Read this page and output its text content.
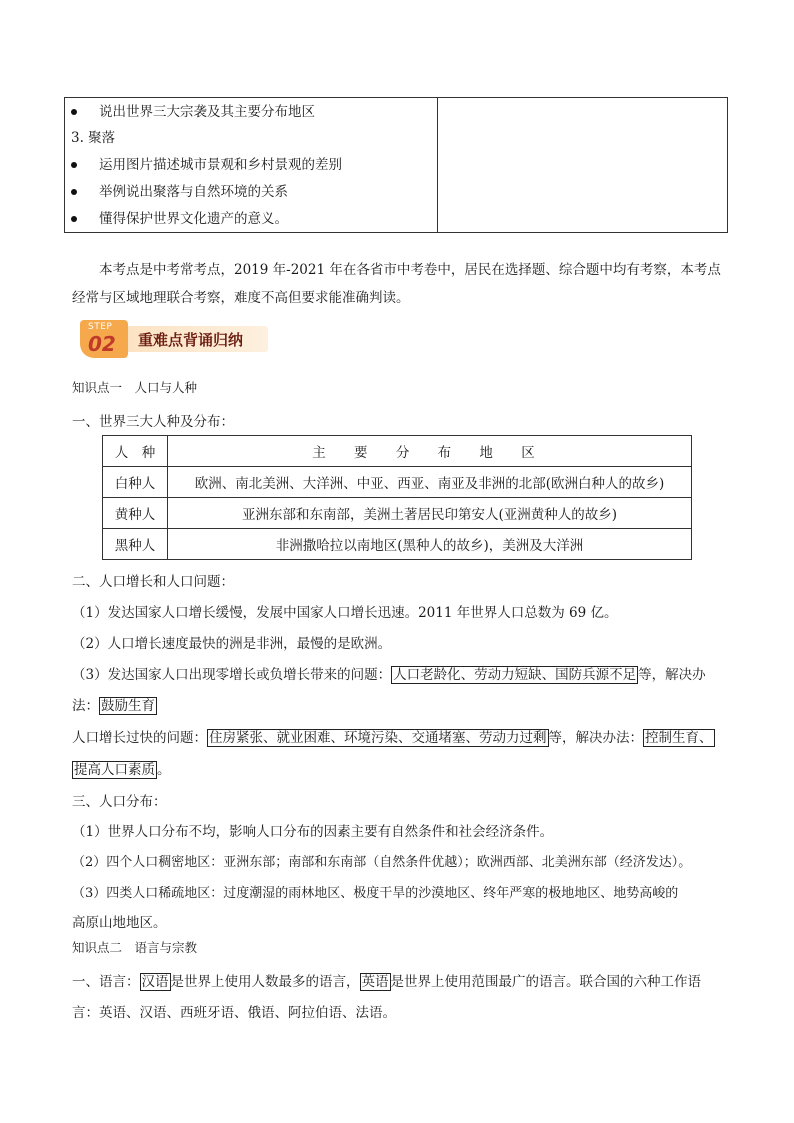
说出世界三大宗袭及其主要分布地区
3. 聚落
运用图片描述城市景观和乡村景观的差别
举例说出聚落与自然环境的关系
懂得保护世界文化遗产的意义。
本考点是中考常考点，2019 年-2021 年在各省市中考卷中，居民在选择题、综合题中均有考察，本考点
经常与区域地理联合考察，难度不高但要求能准确判读。
STEP
02 重难点背诵归纳
知识点一　人口与人种
一、世界三大人种及分布：
人　种	主 要 分 布 地 区
白种人	欧洲、南北美洲、大洋洲、中亚、西亚、南亚及非洲的北部(欧洲白种人的故乡)
黄种人	亚洲东部和东南部，美洲土著居民印第安人(亚洲黄种人的故乡)
黑种人	非洲撒哈拉以南地区(黑种人的故乡)，美洲及大洋洲
二、人口增长和人口问题：
（1）发达国家人口增长缓慢，发展中国家人口增长迅速。2011 年世界人口总数为 69 亿。
（2）人口增长速度最快的洲是非洲，最慢的是欧洲。
（3）发达国家人口出现零增长或负增长带来的问题： 人口老龄化、劳动力短缺、国防兵源不足 等，解决办
法： 鼓励生育
人口增长过快的问题： 住房紧张、就业困难、环境污染、交通堵塞、劳动力过剩 等，解决办法： 控制生育、
提高人口素质 。
三、人口分布：
（1）世界人口分布不均，影响人口分布的因素主要有自然条件和社会经济条件。
（2）四个人口稠密地区：亚洲东部；南部和东南部（自然条件优越）；欧洲西部、北美洲东部（经济发达）。
（3）四类人口稀疏地区：过度潮湿的雨林地区、极度干旱的沙漠地区、终年严寒的极地地区、地势高峻的
高原山地地区。
知识点二　语言与宗教
一、语言： 汉语 是世界上使用人数最多的语言， 英语 是世界上使用范围最广的语言。联合国的六种工作语
言：英语、汉语、西班牙语、俄语、阿拉伯语、法语。
